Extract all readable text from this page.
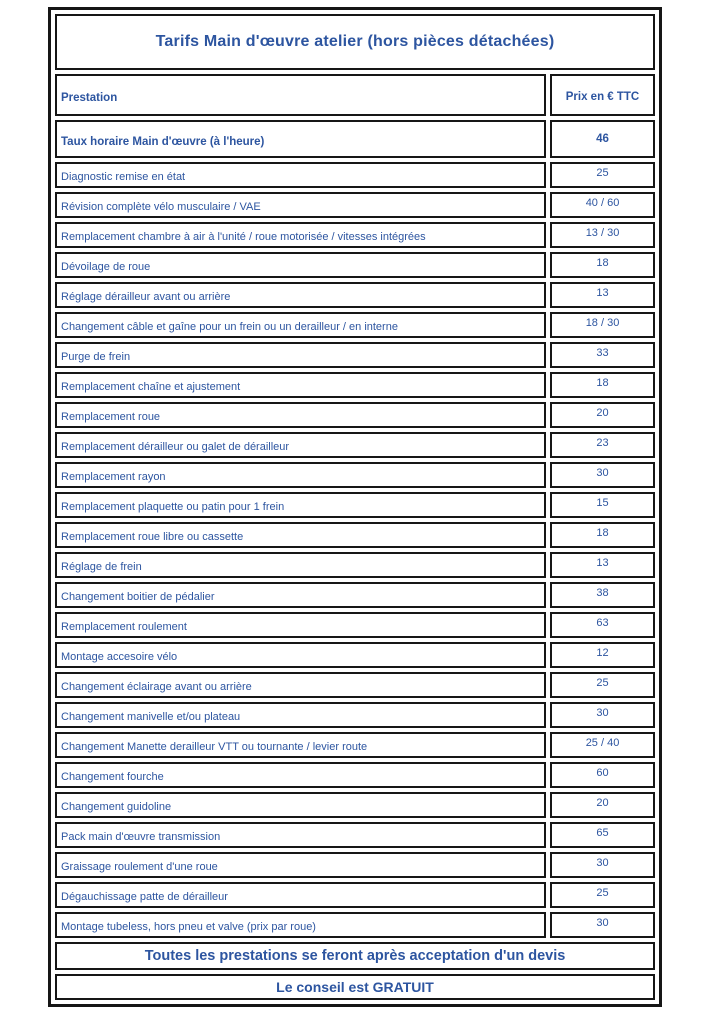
Tarifs Main d'œuvre atelier (hors pièces détachées)	
Prestation	Prix en € TTC
Taux horaire Main d'œuvre (à l'heure)	46
Diagnostic remise en état	25
Révision complète vélo musculaire / VAE	40 / 60
Remplacement chambre à air à l'unité / roue motorisée / vitesses intégrées	13 / 30
Dévoilage de roue	18
Réglage dérailleur avant ou arrière	13
Changement câble et gaîne pour un frein ou un derailleur / en interne	18 / 30
Purge de frein	33
Remplacement chaîne et ajustement	18
Remplacement roue	20
Remplacement dérailleur ou galet de dérailleur	23
Remplacement rayon	30
Remplacement plaquette ou patin pour 1 frein	15
Remplacement roue libre ou cassette	18
Réglage de frein	13
Changement boitier de pédalier	38
Remplacement roulement	63
Montage accesoire vélo	12
Changement éclairage avant ou arrière	25
Changement manivelle et/ou plateau	30
Changement Manette derailleur VTT ou tournante / levier route	25 / 40
Changement fourche	60
Changement guidoline	20
Pack main d'œuvre transmission	65
Graissage roulement d'une roue	30
Dégauchissage patte de dérailleur	25
Montage tubeless, hors pneu et valve (prix par roue)	30
Toutes les prestations se feront après acceptation d'un devis	
Le conseil est GRATUIT	
